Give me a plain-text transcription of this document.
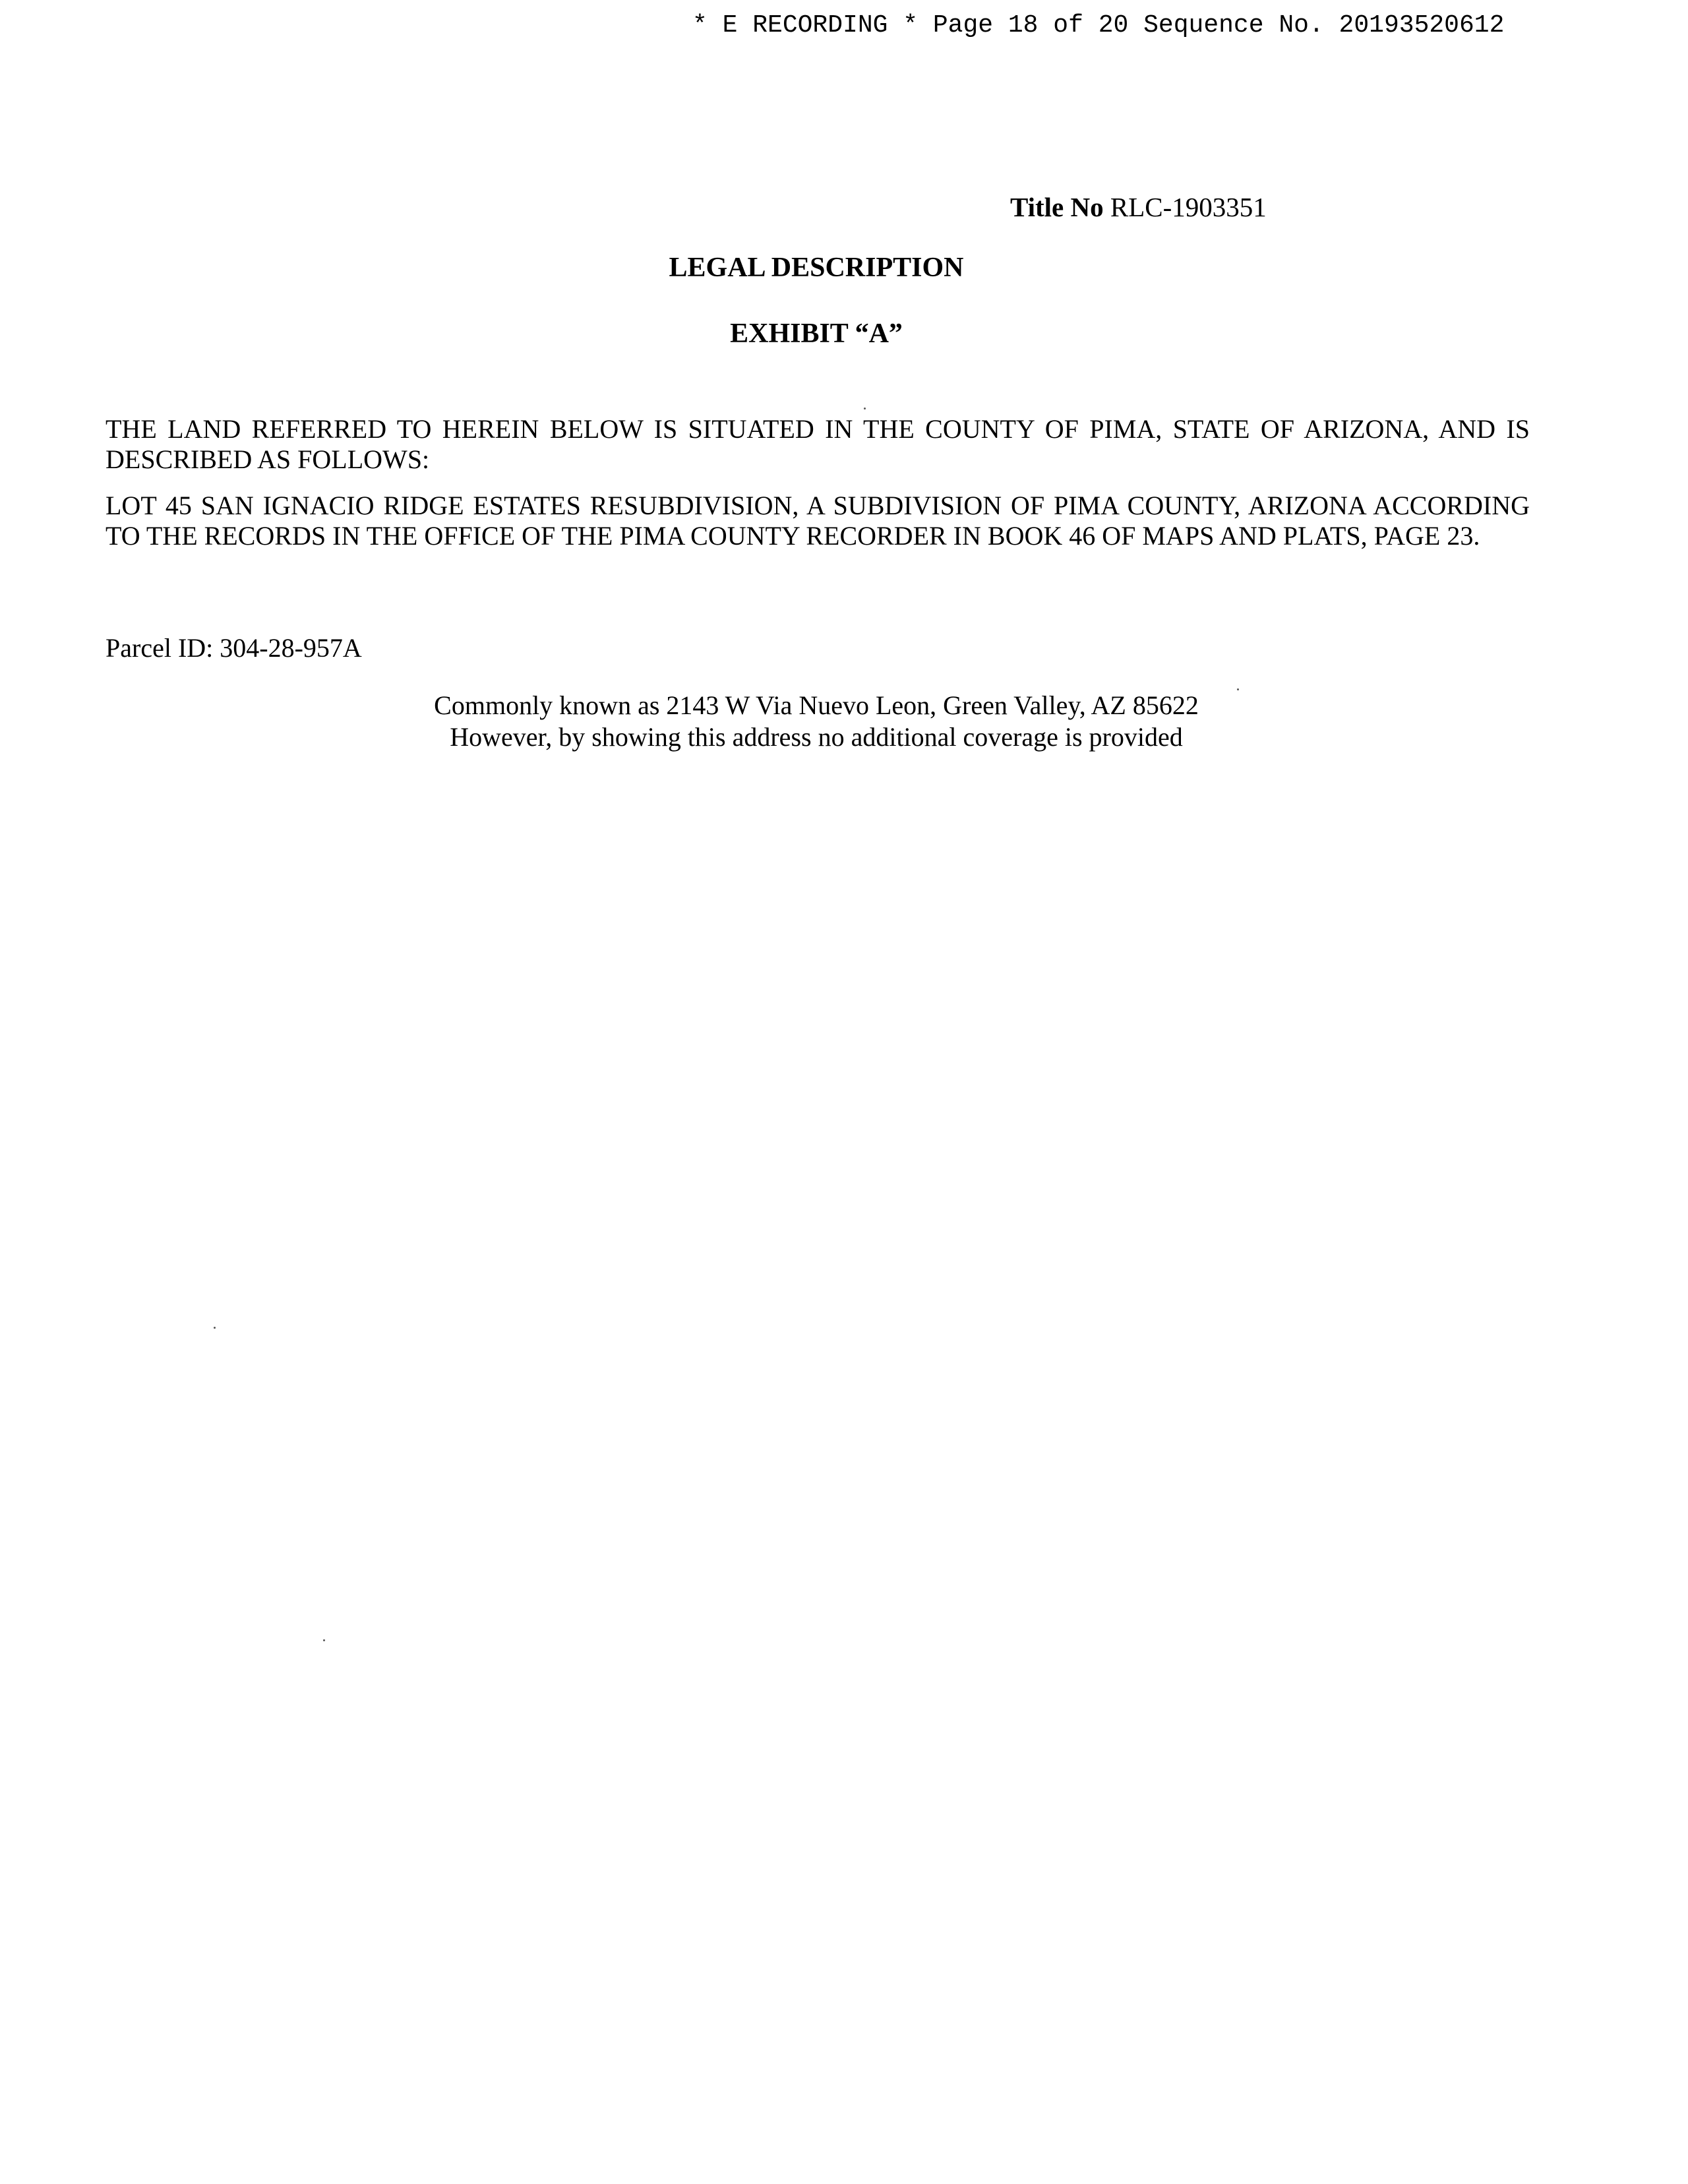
* E RECORDING * Page 18 of 20 Sequence No. 20193520612
Title No RLC-1903351
LEGAL DESCRIPTION
EXHIBIT “A”
THE LAND REFERRED TO HEREIN BELOW IS SITUATED IN THE COUNTY OF PIMA, STATE OF ARIZONA, AND IS DESCRIBED AS FOLLOWS:
LOT 45 SAN IGNACIO RIDGE ESTATES RESUBDIVISION, A SUBDIVISION OF PIMA COUNTY, ARIZONA ACCORDING TO THE RECORDS IN THE OFFICE OF THE PIMA COUNTY RECORDER IN BOOK 46 OF MAPS AND PLATS, PAGE 23.
Parcel ID: 304-28-957A
Commonly known as 2143 W Via Nuevo Leon, Green Valley, AZ 85622
However, by showing this address no additional coverage is provided
